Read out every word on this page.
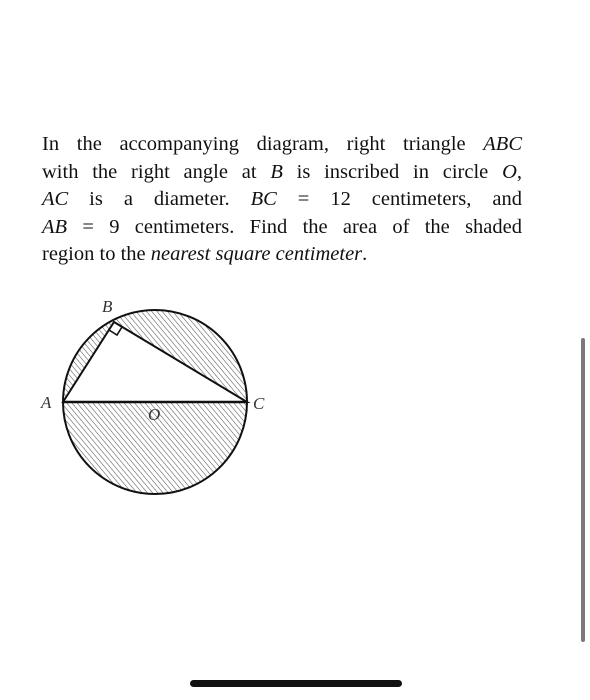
In the accompanying diagram, right triangle ABC
with the right angle at B is inscribed in circle O,
AC is a diameter. BC = 12 centimeters, and
AB = 9 centimeters. Find the area of the shaded
region to the nearest square centimeter.
B
A	C
O
